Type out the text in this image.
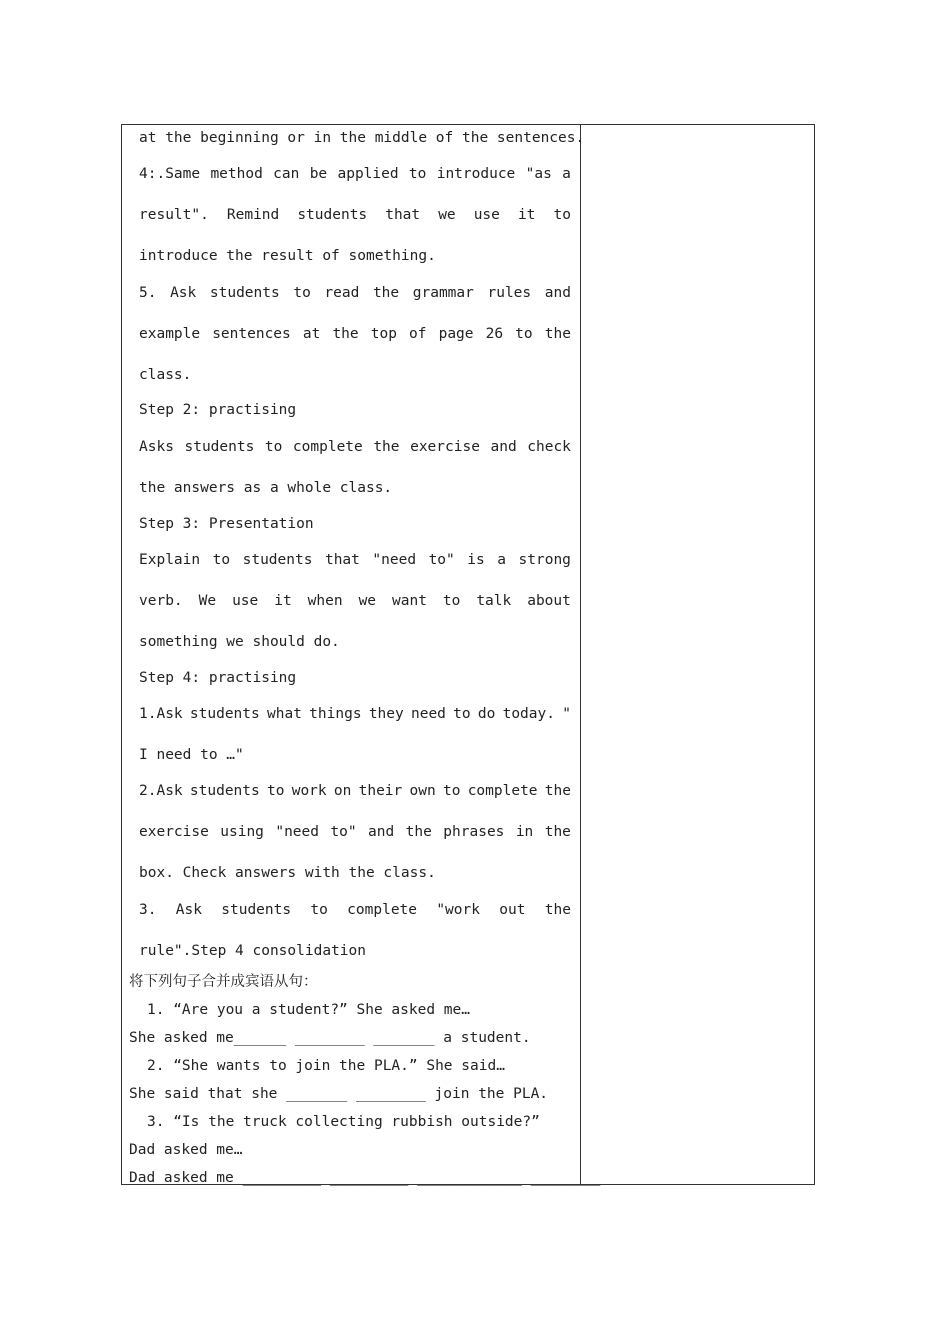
at the beginning or in the middle of the sentences.
4:.Same method can be applied to introduce "as a
result". Remind students that we use it to
introduce the result of something.
5. Ask students to read the grammar rules and
example sentences at the top of page 26 to the
class.
Step 2: practising
Asks students to complete the exercise and check
the answers as a whole class.
Step 3: Presentation
Explain to students that "need to" is a strong
verb. We use it when we want to talk about
something we should do.
Step 4: practising
1.Ask students what things they need to do today. "
I need to …"
2.Ask students to work on their own to complete the
exercise using "need to" and the phrases in the
box. Check answers with the class.
3. Ask students to complete "work out the
rule".Step 4 consolidation
将下列句子合并成宾语从句：
1. “Are you a student?” She asked me…
She asked me______ ________ _______ a student.
2. “She wants to join the PLA.” She said…
She said that she _______ ________ join the PLA.
3. “Is the truck collecting rubbish outside?”
Dad asked me…
Dad asked me _________ _________ ____________ ________
